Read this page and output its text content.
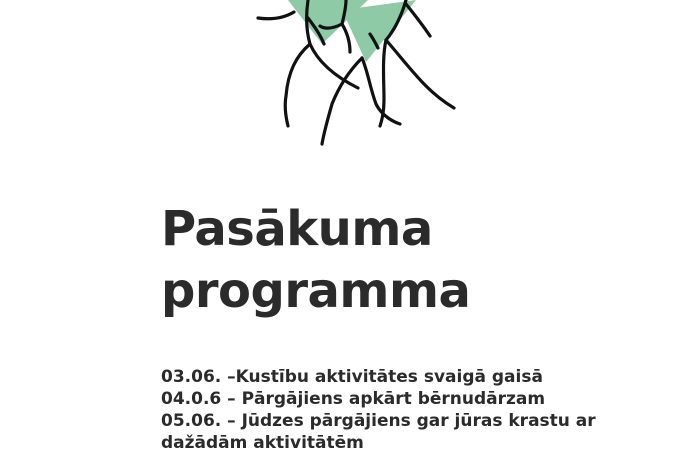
Pasākuma
programma
03.06. –Kustību aktivitātes svaigā gaisā
04.0.6 – Pārgājiens apkārt bērnudārzam
05.06. – Jūdzes pārgājiens gar jūras krastu ar
dažādām aktivitātēm
